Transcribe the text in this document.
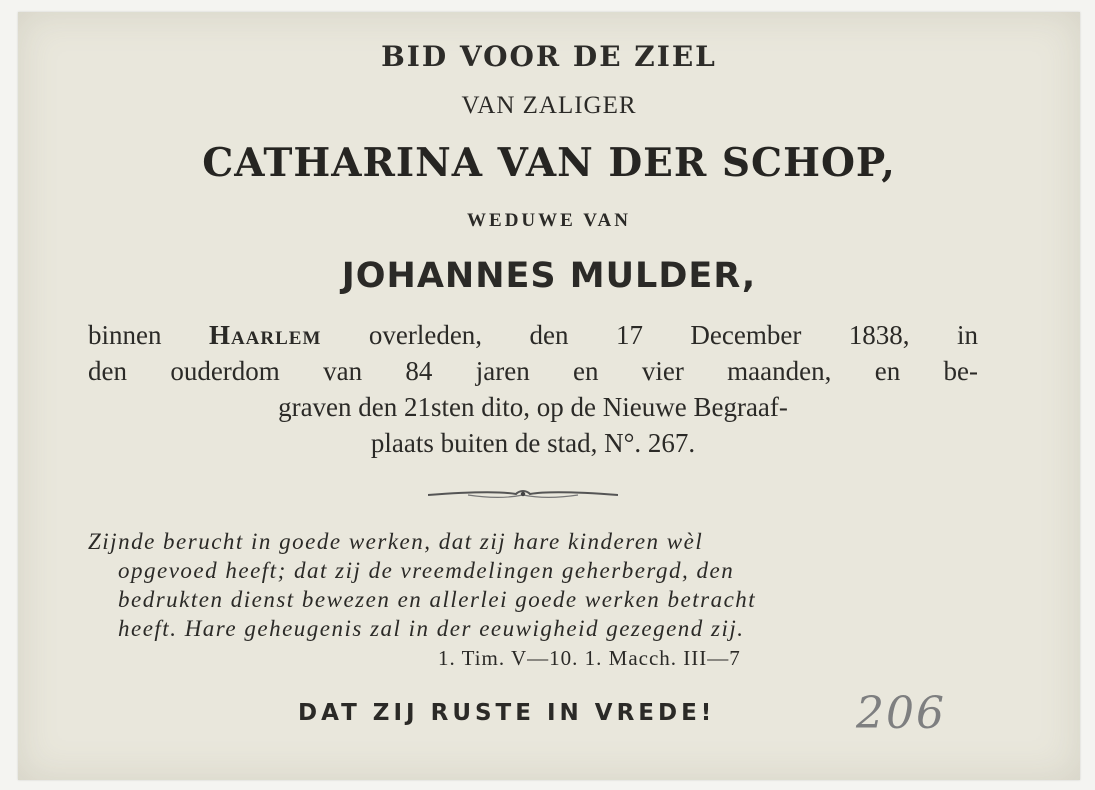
BID VOOR DE ZIEL
VAN ZALIGER
CATHARINA VAN DER SCHOP,
WEDUWE VAN
JOHANNES MULDER,
binnen Haarlem overleden, den 17 December 1838, in
den ouderdom van 84 jaren en vier maanden, en be-
graven den 21sten dito, op de Nieuwe Begraaf-
plaats buiten de stad, N°. 267.
Zijnde berucht in goede werken, dat zij hare kinderen wèl
opgevoed heeft; dat zij de vreemdelingen geherbergd, den
bedrukten dienst bewezen en allerlei goede werken betracht
heeft. Hare geheugenis zal in der eeuwigheid gezegend zij.
1. Tim. V—10. 1. Macch. III—7
DAT ZIJ RUSTE IN VREDE!	206
